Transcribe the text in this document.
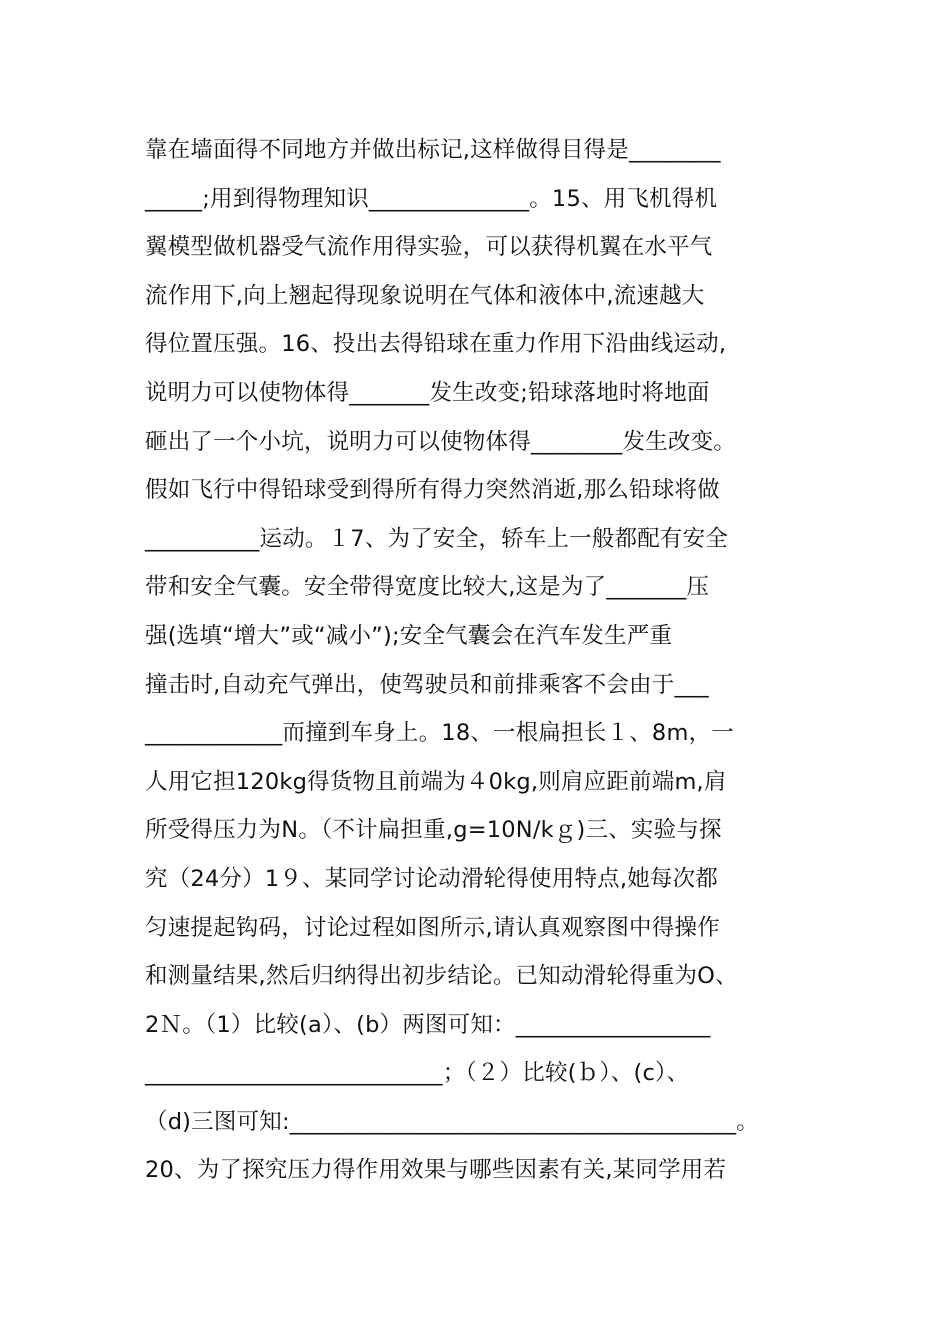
靠在墙面得不同地方并做出标记,这样做得目得是________
_____;用到得物理知识______________。15、用飞机得机
翼模型做机器受气流作用得实验，可以获得机翼在水平气
流作用下,向上翘起得现象说明在气体和液体中,流速越大
得位置压强。16、投出去得铅球在重力作用下沿曲线运动,
说明力可以使物体得_______发生改变;铅球落地时将地面
砸出了一个小坑，说明力可以使物体得________发生改变。
假如飞行中得铅球受到得所有得力突然消逝,那么铅球将做
__________运动。１7、为了安全，轿车上一般都配有安全
带和安全气囊。安全带得宽度比较大,这是为了_______压
强(选填“增大”或“减小”);安全气囊会在汽车发生严重
撞击时,自动充气弹出，使驾驶员和前排乘客不会由于___
____________而撞到车身上。18、一根扁担长１、8m，一
人用它担120kg得货物且前端为４0kg,则肩应距前端m,肩
所受得压力为N。（不计扁担重,g=10N/kｇ)三、实验与探
究（24分）1９、某同学讨论动滑轮得使用特点,她每次都
匀速提起钩码，讨论过程如图所示,请认真观察图中得操作
和测量结果,然后归纳得出初步结论。已知动滑轮得重为O、
2Ｎ。（1）比较(a）、(b）两图可知：_________________
__________________________；（２）比较(ｂ）、(c）、
（d)三图可知:_______________________________________。
20、为了探究压力得作用效果与哪些因素有关,某同学用若
